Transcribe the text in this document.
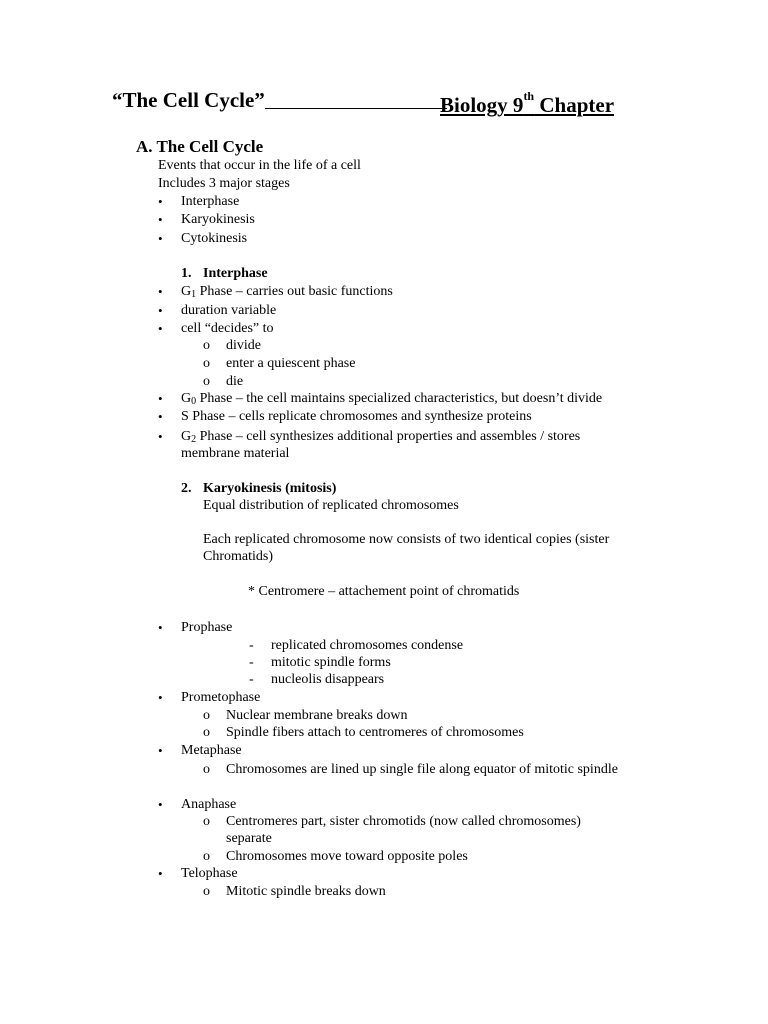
“The Cell Cycle”	Biology 9th Chapter
A. The Cell Cycle
Events that occur in the life of a cell
Includes 3 major stages
• Interphase
• Karyokinesis
• Cytokinesis
1. Interphase
• G1 Phase – carries out basic functions
• duration variable
• cell “decides” to
o divide
o enter a quiescent phase
o die
• G0 Phase – the cell maintains specialized characteristics, but doesn’t divide
• S Phase – cells replicate chromosomes and synthesize proteins
• G2 Phase – cell synthesizes additional properties and assembles / stores
membrane material
2. Karyokinesis (mitosis)
Equal distribution of replicated chromosomes
Each replicated chromosome now consists of two identical copies (sister
Chromatids)
* Centromere – attachement point of chromatids
• Prophase
- replicated chromosomes condense
- mitotic spindle forms
- nucleolis disappears
• Prometophase
o Nuclear membrane breaks down
o Spindle fibers attach to centromeres of chromosomes
• Metaphase
o Chromosomes are lined up single file along equator of mitotic spindle
• Anaphase
o Centromeres part, sister chromotids (now called chromosomes)
separate
o Chromosomes move toward opposite poles
• Telophase
o Mitotic spindle breaks down
